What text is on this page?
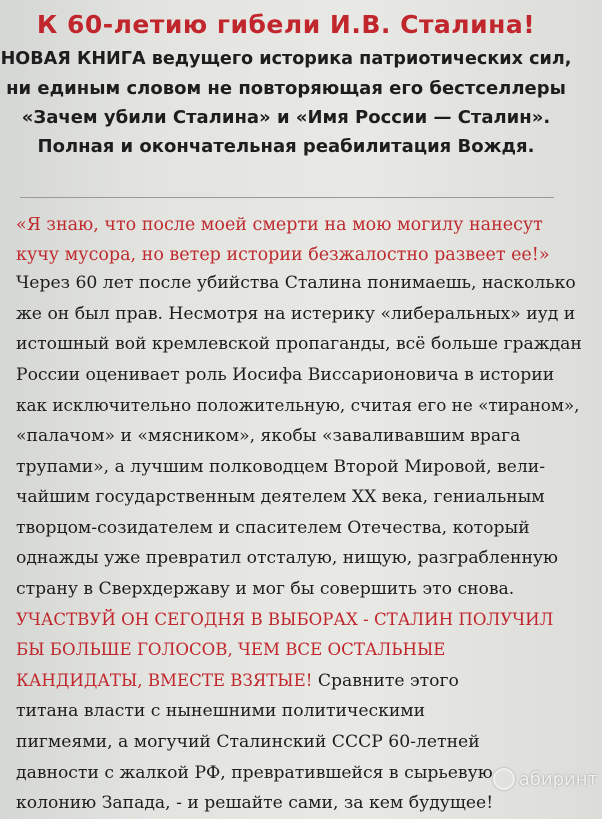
К 60-летию гибели И.В. Сталина!

НОВАЯ КНИГА ведущего историка патриотических сил,

ни единым словом не повторяющая его бестселлеры

«Зачем убили Сталина» и «Имя России — Сталин».

Полная и окончательная реабилитация Вождя.

«Я знаю, что после моей смерти на мою могилу нанесут

кучу мусора, но ветер истории безжалостно развеет ее!»

Через 60 лет после убийства Сталина понимаешь, насколько
же он был прав. Несмотря на истерику «либеральных» иуд и
истошный вой кремлевской пропаганды, всё больше граждан
России оценивает роль Иосифа Виссарионовича в истории
как исключительно положительную, считая его не «тираном»,
«палачом» и «мясником», якобы «заваливавшим врага
трупами», а лучшим полководцем Второй Мировой, вели-
чайшим государственным деятелем XX века, гениальным
творцом-созидателем и спасителем Отечества, который
однажды уже превратил отсталую, нищую, разграбленную
страну в Сверхдержаву и мог бы совершить это снова.
УЧАСТВУЙ ОН СЕГОДНЯ В ВЫБОРАХ - СТАЛИН ПОЛУЧИЛ
БЫ БОЛЬШЕ ГОЛОСОВ, ЧЕМ ВСЕ ОСТАЛЬНЫЕ
КАНДИДАТЫ, ВМЕСТЕ ВЗЯТЫЕ! Сравните этого
титана власти с нынешними политическими
пигмеями, а могучий Сталинский СССР 60-летней
давности с жалкой РФ, превратившейся в сырьевую
колонию Запада, - и решайте сами, за кем будущее!
абиринт
